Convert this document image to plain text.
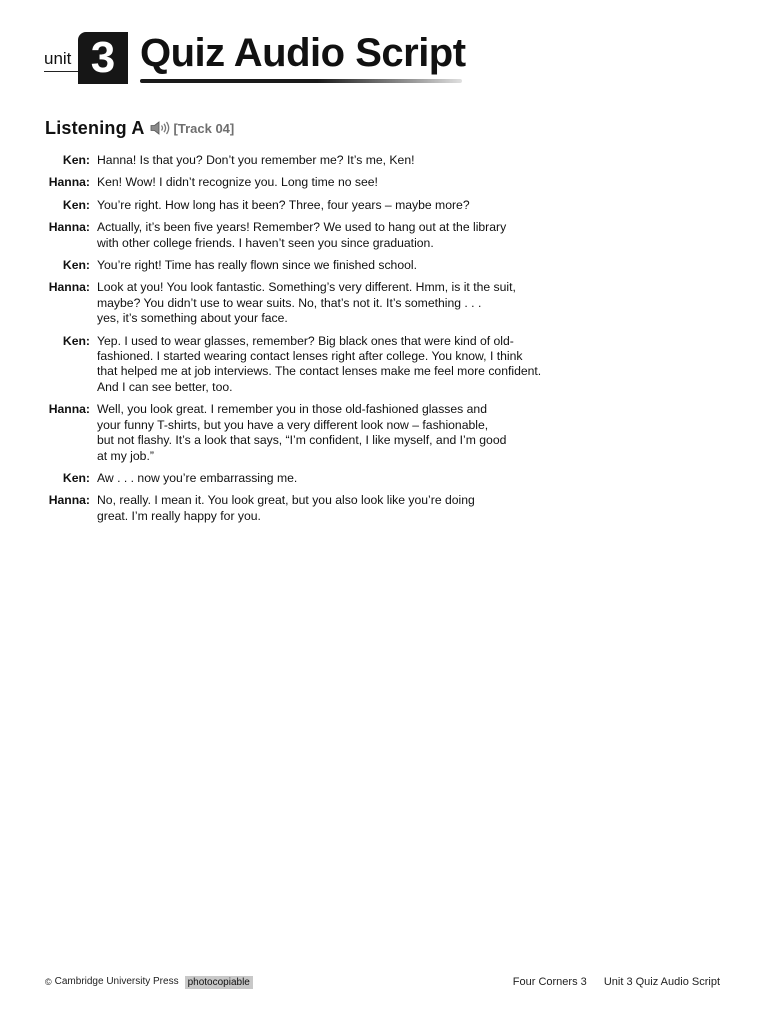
unit 3 Quiz Audio Script
Listening A [Track 04]
Ken: Hanna! Is that you? Don’t you remember me? It’s me, Ken!
Hanna: Ken! Wow! I didn’t recognize you. Long time no see!
Ken: You’re right. How long has it been? Three, four years – maybe more?
Hanna: Actually, it’s been five years! Remember? We used to hang out at the library
with other college friends. I haven’t seen you since graduation.
Ken: You’re right! Time has really flown since we finished school.
Hanna: Look at you! You look fantastic. Something’s very different. Hmm, is it the suit,
maybe? You didn’t use to wear suits. No, that’s not it. It’s something . . .
yes, it’s something about your face.
Ken: Yep. I used to wear glasses, remember? Big black ones that were kind of old-
fashioned. I started wearing contact lenses right after college. You know, I think
that helped me at job interviews. The contact lenses make me feel more confident.
And I can see better, too.
Hanna: Well, you look great. I remember you in those old-fashioned glasses and
your funny T-shirts, but you have a very different look now – fashionable,
but not flashy. It’s a look that says, “I’m confident, I like myself, and I’m good
at my job.”
Ken: Aw . . . now you’re embarrassing me.
Hanna: No, really. I mean it. You look great, but you also look like you’re doing
great. I’m really happy for you.
© Cambridge University Press photocopiable	Four Corners 3 Unit 3 Quiz Audio Script
